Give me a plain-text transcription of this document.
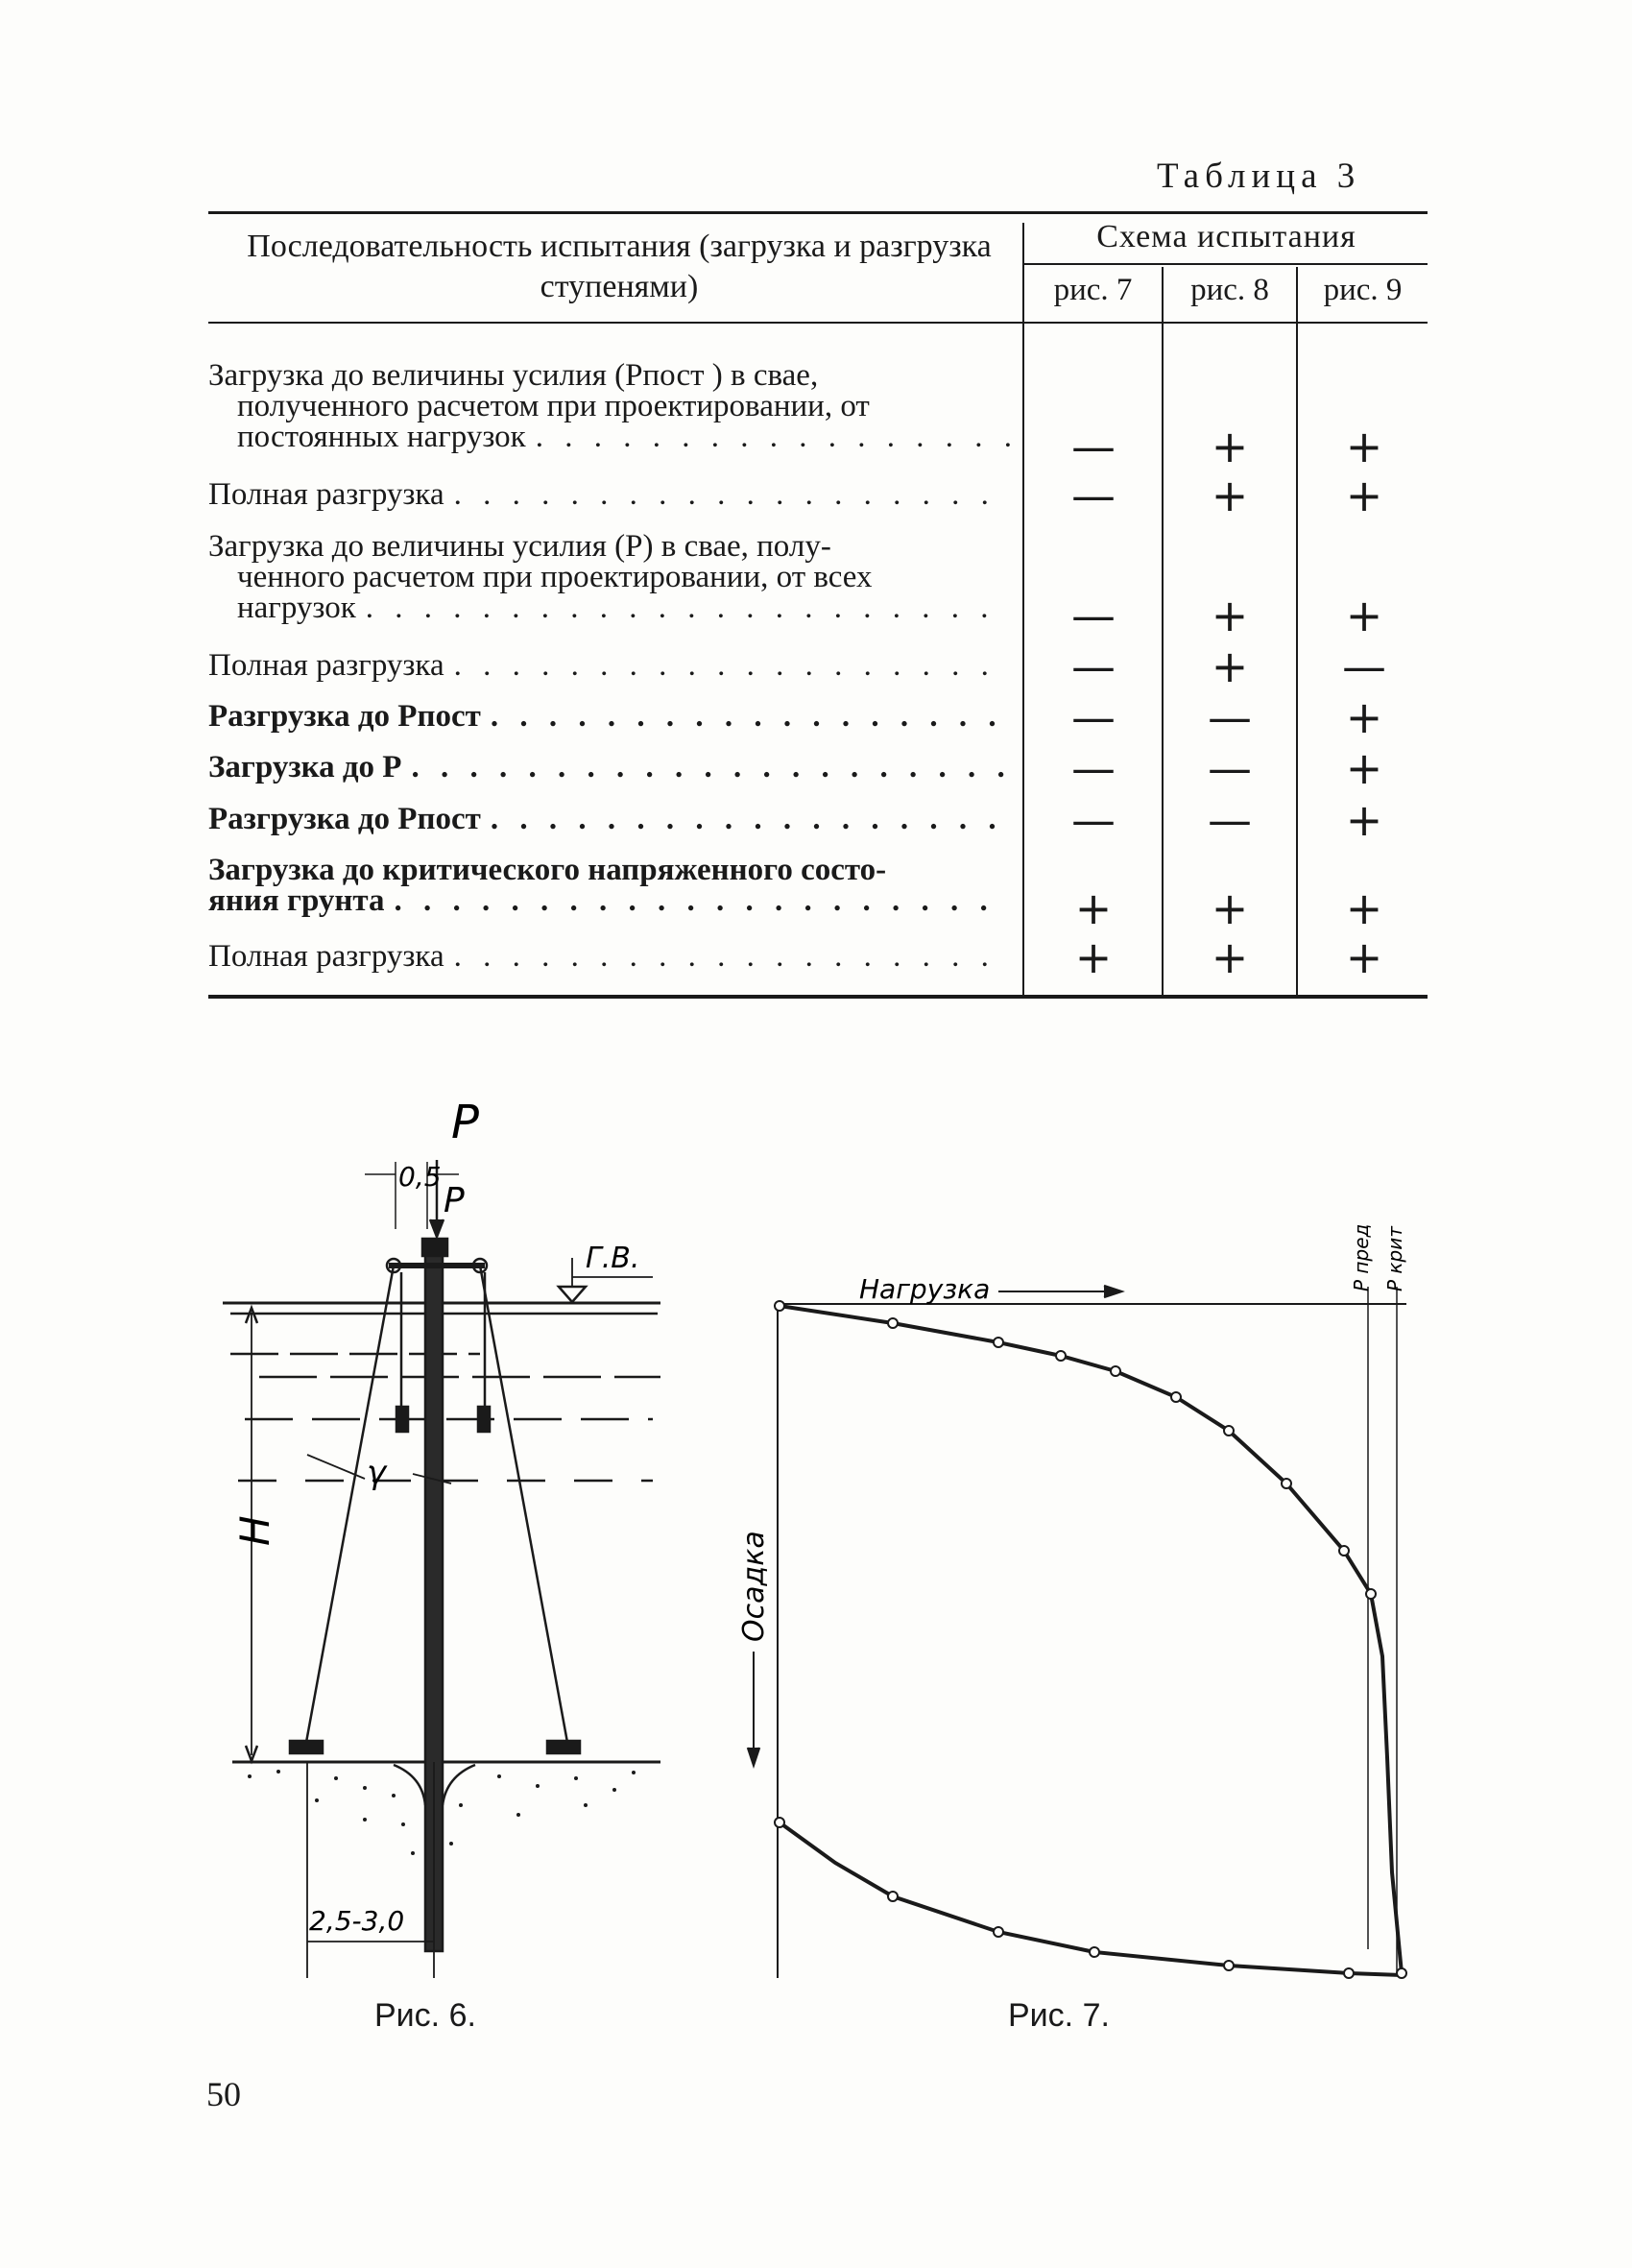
Таблица 3
Последовательность испытания (загрузка и разгрузка ступенями)
Схема испытания
рис. 7	рис. 8	рис. 9
Загрузка до величины усилия (Рпост ) в свае,
полученного расчетом при проектировании, от
постоянных нагрузок . . .	—	+	+
Полная разгрузка . . .	—	+	+
Загрузка до величины усилия (Р) в свае, полу-
ченного расчетом при проектировании, от всех
нагрузок . . .	—	+	+
Полная разгрузка . . .	—	+	—
Разгрузка до Рпост . . .	—	—	+
Загрузка до Р . . .	—	—	+
Разгрузка до Рпост . . .	—	—	+
Загрузка до критического напряженного состо-
яния грунта . . .	+	+	+
Полная разгрузка . . .	+	+	+
P
P
0,5
Г.В.
H
γ
2,5-3,0
Рис. 6.
Нагрузка
Осадка
P пред P крит
Рис. 7.
50
